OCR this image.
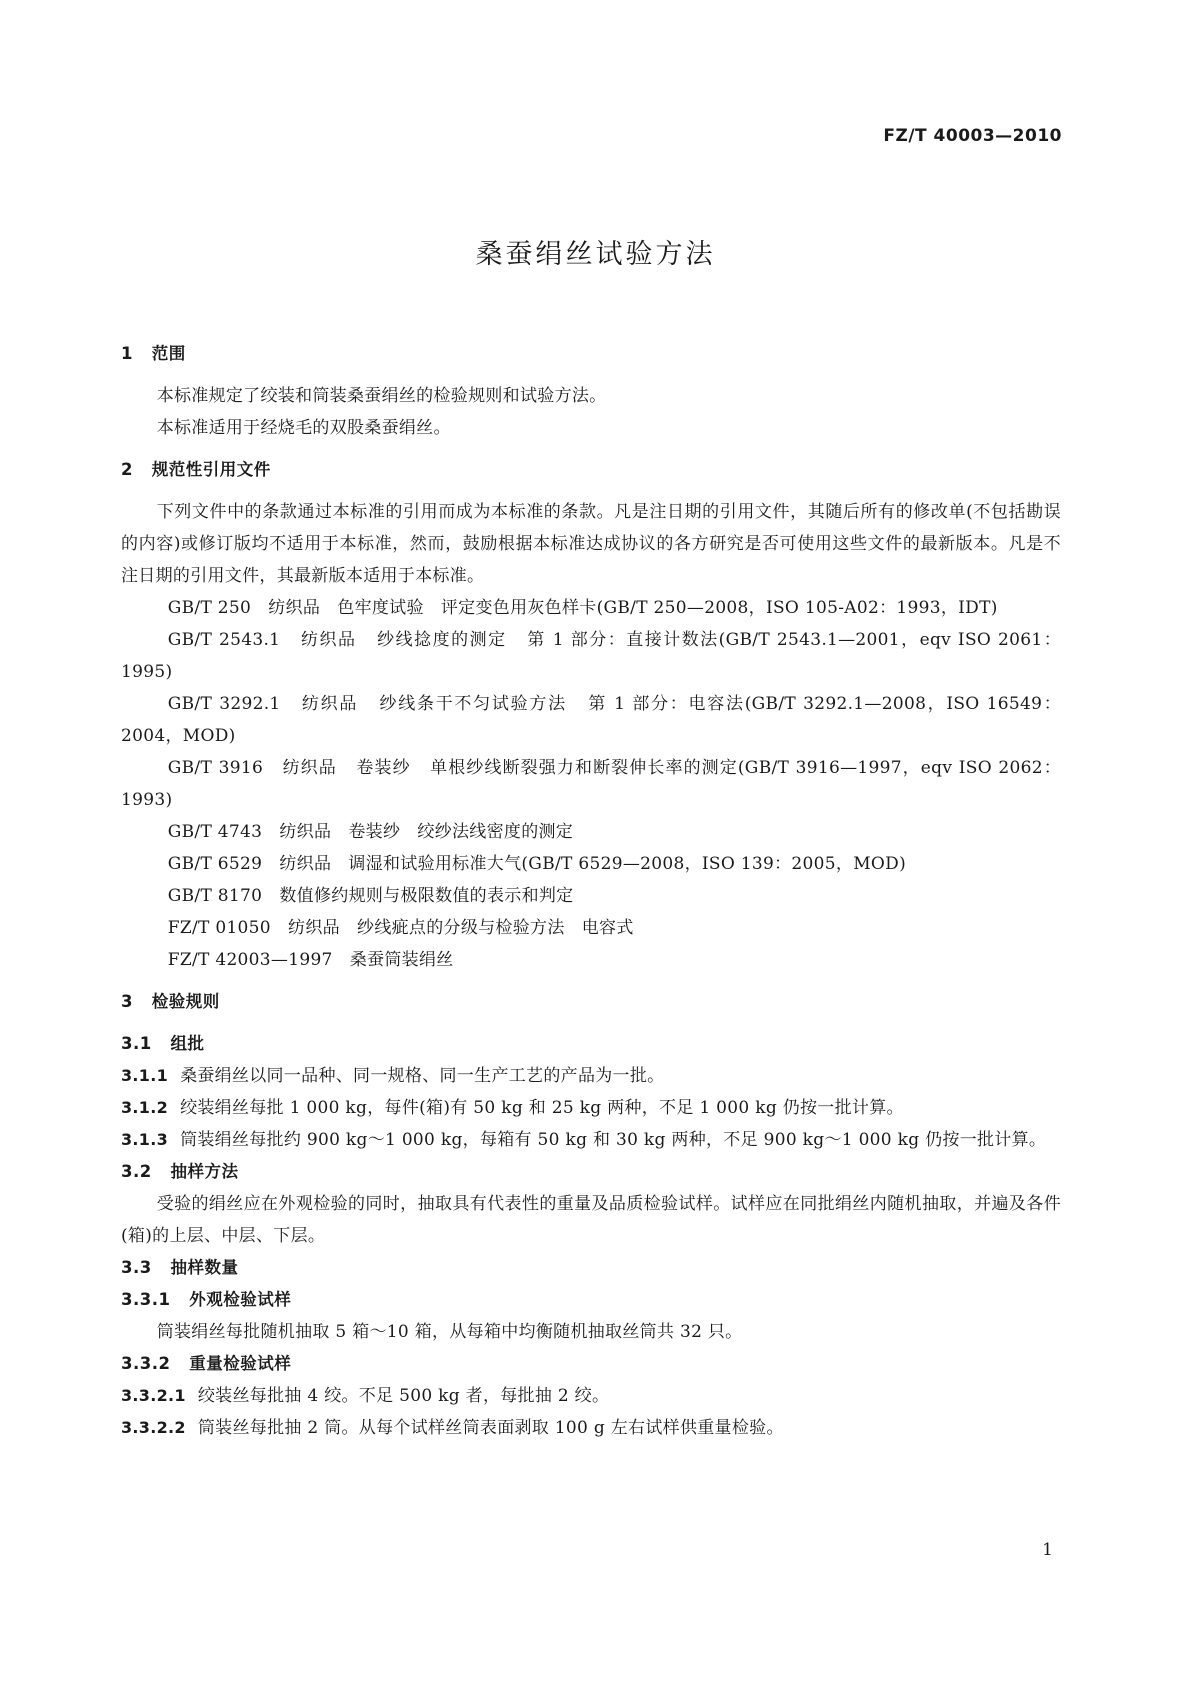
FZ/T 40003—2010
桑蚕绢丝试验方法
1   范围
本标准规定了绞装和筒装桑蚕绢丝的检验规则和试验方法。
本标准适用于经烧毛的双股桑蚕绢丝。
2   规范性引用文件
下列文件中的条款通过本标准的引用而成为本标准的条款。凡是注日期的引用文件，其随后所有的修改单(不包括勘误的内容)或修订版均不适用于本标准，然而，鼓励根据本标准达成协议的各方研究是否可使用这些文件的最新版本。凡是不注日期的引用文件，其最新版本适用于本标准。
GB/T 250   纺织品   色牢度试验   评定变色用灰色样卡(GB/T 250—2008，ISO 105-A02：1993，IDT)
GB/T 2543.1   纺织品   纱线捻度的测定   第 1 部分：直接计数法(GB/T 2543.1—2001，eqv ISO 2061：1995)
GB/T 3292.1   纺织品   纱线条干不匀试验方法   第 1 部分：电容法(GB/T 3292.1—2008，ISO 16549：2004，MOD)
GB/T 3916   纺织品   卷装纱   单根纱线断裂强力和断裂伸长率的测定(GB/T 3916—1997，eqv ISO 2062：1993)
GB/T 4743   纺织品   卷装纱   绞纱法线密度的测定
GB/T 6529   纺织品   调湿和试验用标准大气(GB/T 6529—2008，ISO 139：2005，MOD)
GB/T 8170   数值修约规则与极限数值的表示和判定
FZ/T 01050   纺织品   纱线疵点的分级与检验方法   电容式
FZ/T 42003—1997   桑蚕筒装绢丝
3   检验规则
3.1   组批
3.1.1 桑蚕绢丝以同一品种、同一规格、同一生产工艺的产品为一批。
3.1.2 绞装绢丝每批 1 000 kg，每件(箱)有 50 kg 和 25 kg 两种，不足 1 000 kg 仍按一批计算。
3.1.3 筒装绢丝每批约 900 kg～1 000 kg，每箱有 50 kg 和 30 kg 两种，不足 900 kg～1 000 kg 仍按一批计算。
3.2   抽样方法
受验的绢丝应在外观检验的同时，抽取具有代表性的重量及品质检验试样。试样应在同批绢丝内随机抽取，并遍及各件(箱)的上层、中层、下层。
3.3   抽样数量
3.3.1   外观检验试样
筒装绢丝每批随机抽取 5 箱～10 箱，从每箱中均衡随机抽取丝筒共 32 只。
3.3.2   重量检验试样
3.3.2.1 绞装丝每批抽 4 绞。不足 500 kg 者，每批抽 2 绞。
3.3.2.2 筒装丝每批抽 2 筒。从每个试样丝筒表面剥取 100 g 左右试样供重量检验。
1
